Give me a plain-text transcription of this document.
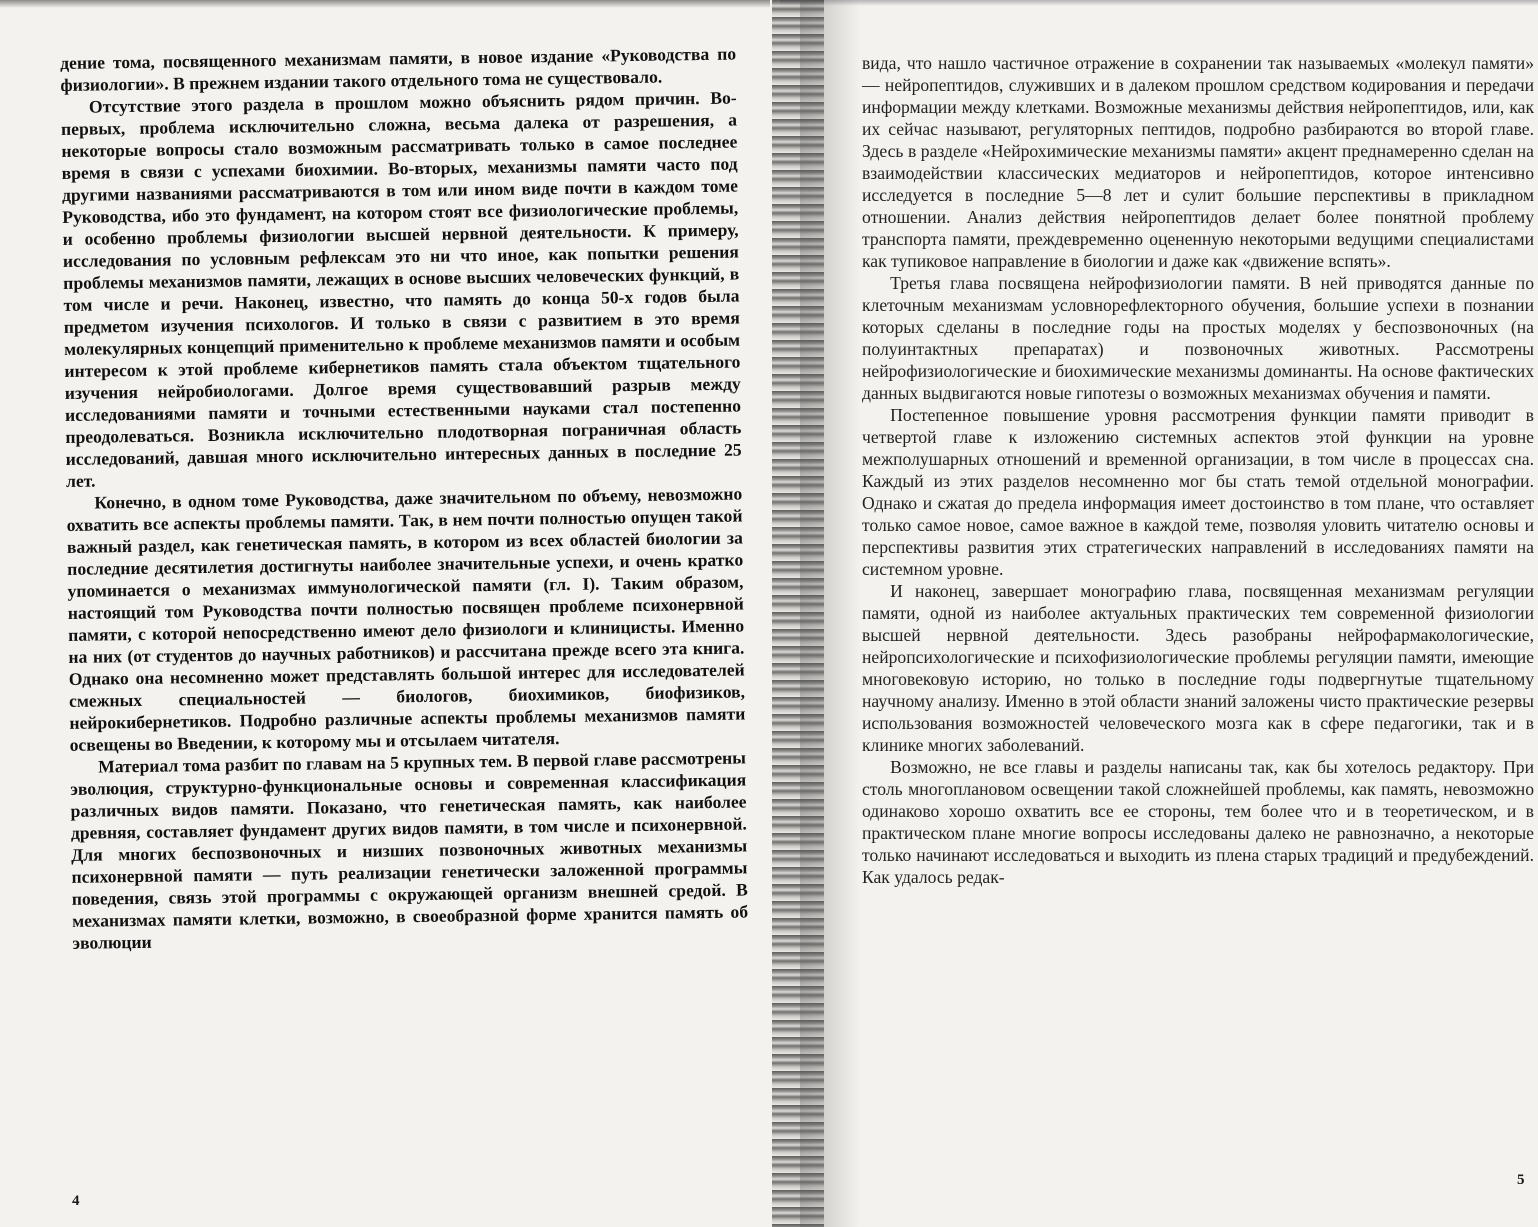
дение тома, посвященного механизмам памяти, в новое издание «Руководства по физиологии». В прежнем издании такого отдельного тома не существовало.

Отсутствие этого раздела в прошлом можно объяснить рядом причин. Во-первых, проблема исключительно сложна, весьма далека от разрешения, а некоторые вопросы стало возможным рассматривать только в самое последнее время в связи с успехами биохимии. Во-вторых, механизмы памяти часто под другими названиями рассматриваются в том или ином виде почти в каждом томе Руководства, ибо это фундамент, на котором стоят все физиологические проблемы, и особенно проблемы физиологии высшей нервной деятельности. К примеру, исследования по условным рефлексам это ни что иное, как попытки решения проблемы механизмов памяти, лежащих в основе высших человеческих функций, в том числе и речи. Наконец, известно, что память до конца 50-х годов была предметом изучения психологов. И только в связи с развитием в это время молекулярных концепций применительно к проблеме механизмов памяти и особым интересом к этой проблеме кибернетиков память стала объектом тщательного изучения нейробиологами. Долгое время существовавший разрыв между исследованиями памяти и точными естественными науками стал постепенно преодолеваться. Возникла исключительно плодотворная пограничная область исследований, давшая много исключительно интересных данных в последние 25 лет.

Конечно, в одном томе Руководства, даже значительном по объему, невозможно охватить все аспекты проблемы памяти. Так, в нем почти полностью опущен такой важный раздел, как генетическая память, в котором из всех областей биологии за последние десятилетия достигнуты наиболее значительные успехи, и очень кратко упоминается о механизмах иммунологической памяти (гл. I). Таким образом, настоящий том Руководства почти полностью посвящен проблеме психонервной памяти, с которой непосредственно имеют дело физиологи и клиницисты. Именно на них (от студентов до научных работников) и рассчитана прежде всего эта книга. Однако она несомненно может представлять большой интерес для исследователей смежных специальностей — биологов, биохимиков, биофизиков, нейрокибернетиков. Подробно различные аспекты проблемы механизмов памяти освещены во Введении, к которому мы и отсылаем читателя.

Материал тома разбит по главам на 5 крупных тем. В первой главе рассмотрены эволюция, структурно-функциональные основы и современная классификация различных видов памяти. Показано, что генетическая память, как наиболее древняя, составляет фундамент других видов памяти, в том числе и психонервной. Для многих беспозвоночных и низших позвоночных животных механизмы психонервной памяти — путь реализации генетически заложенной программы поведения, связь этой программы с окружающей организм внешней средой. В механизмах памяти клетки, возможно, в своеобразной форме хранится память об эволюции

4

вида, что нашло частичное отражение в сохранении так называемых «молекул памяти» — нейропептидов, служивших и в далеком прошлом средством кодирования и передачи информации между клетками. Возможные механизмы действия нейропептидов, или, как их сейчас называют, регуляторных пептидов, подробно разбираются во второй главе. Здесь в разделе «Нейрохимические механизмы памяти» акцент преднамеренно сделан на взаимодействии классических медиаторов и нейропептидов, которое интенсивно исследуется в последние 5—8 лет и сулит большие перспективы в прикладном отношении. Анализ действия нейропептидов делает более понятной проблему транспорта памяти, преждевременно оцененную некоторыми ведущими специалистами как тупиковое направление в биологии и даже как «движение вспять».

Третья глава посвящена нейрофизиологии памяти. В ней приводятся данные по клеточным механизмам условнорефлекторного обучения, большие успехи в познании которых сделаны в последние годы на простых моделях у беспозвоночных (на полуинтактных препаратах) и позвоночных животных. Рассмотрены нейрофизиологические и биохимические механизмы доминанты. На основе фактических данных выдвигаются новые гипотезы о возможных механизмах обучения и памяти.

Постепенное повышение уровня рассмотрения функции памяти приводит в четвертой главе к изложению системных аспектов этой функции на уровне межполушарных отношений и временной организации, в том числе в процессах сна. Каждый из этих разделов несомненно мог бы стать темой отдельной монографии. Однако и сжатая до предела информация имеет достоинство в том плане, что оставляет только самое новое, самое важное в каждой теме, позволяя уловить читателю основы и перспективы развития этих стратегических направлений в исследованиях памяти на системном уровне.

И наконец, завершает монографию глава, посвященная механизмам регуляции памяти, одной из наиболее актуальных практических тем современной физиологии высшей нервной деятельности. Здесь разобраны нейрофармакологические, нейропсихологические и психофизиологические проблемы регуляции памяти, имеющие многовековую историю, но только в последние годы подвергнутые тщательному научному анализу. Именно в этой области знаний заложены чисто практические резервы использования возможностей человеческого мозга как в сфере педагогики, так и в клинике многих заболеваний.

Возможно, не все главы и разделы написаны так, как бы хотелось редактору. При столь многоплановом освещении такой сложнейшей проблемы, как память, невозможно одинаково хорошо охватить все ее стороны, тем более что и в теоретическом, и в практическом плане многие вопросы исследованы далеко не равнозначно, а некоторые только начинают исследоваться и выходить из плена старых традиций и предубеждений. Как удалось редак-

5
